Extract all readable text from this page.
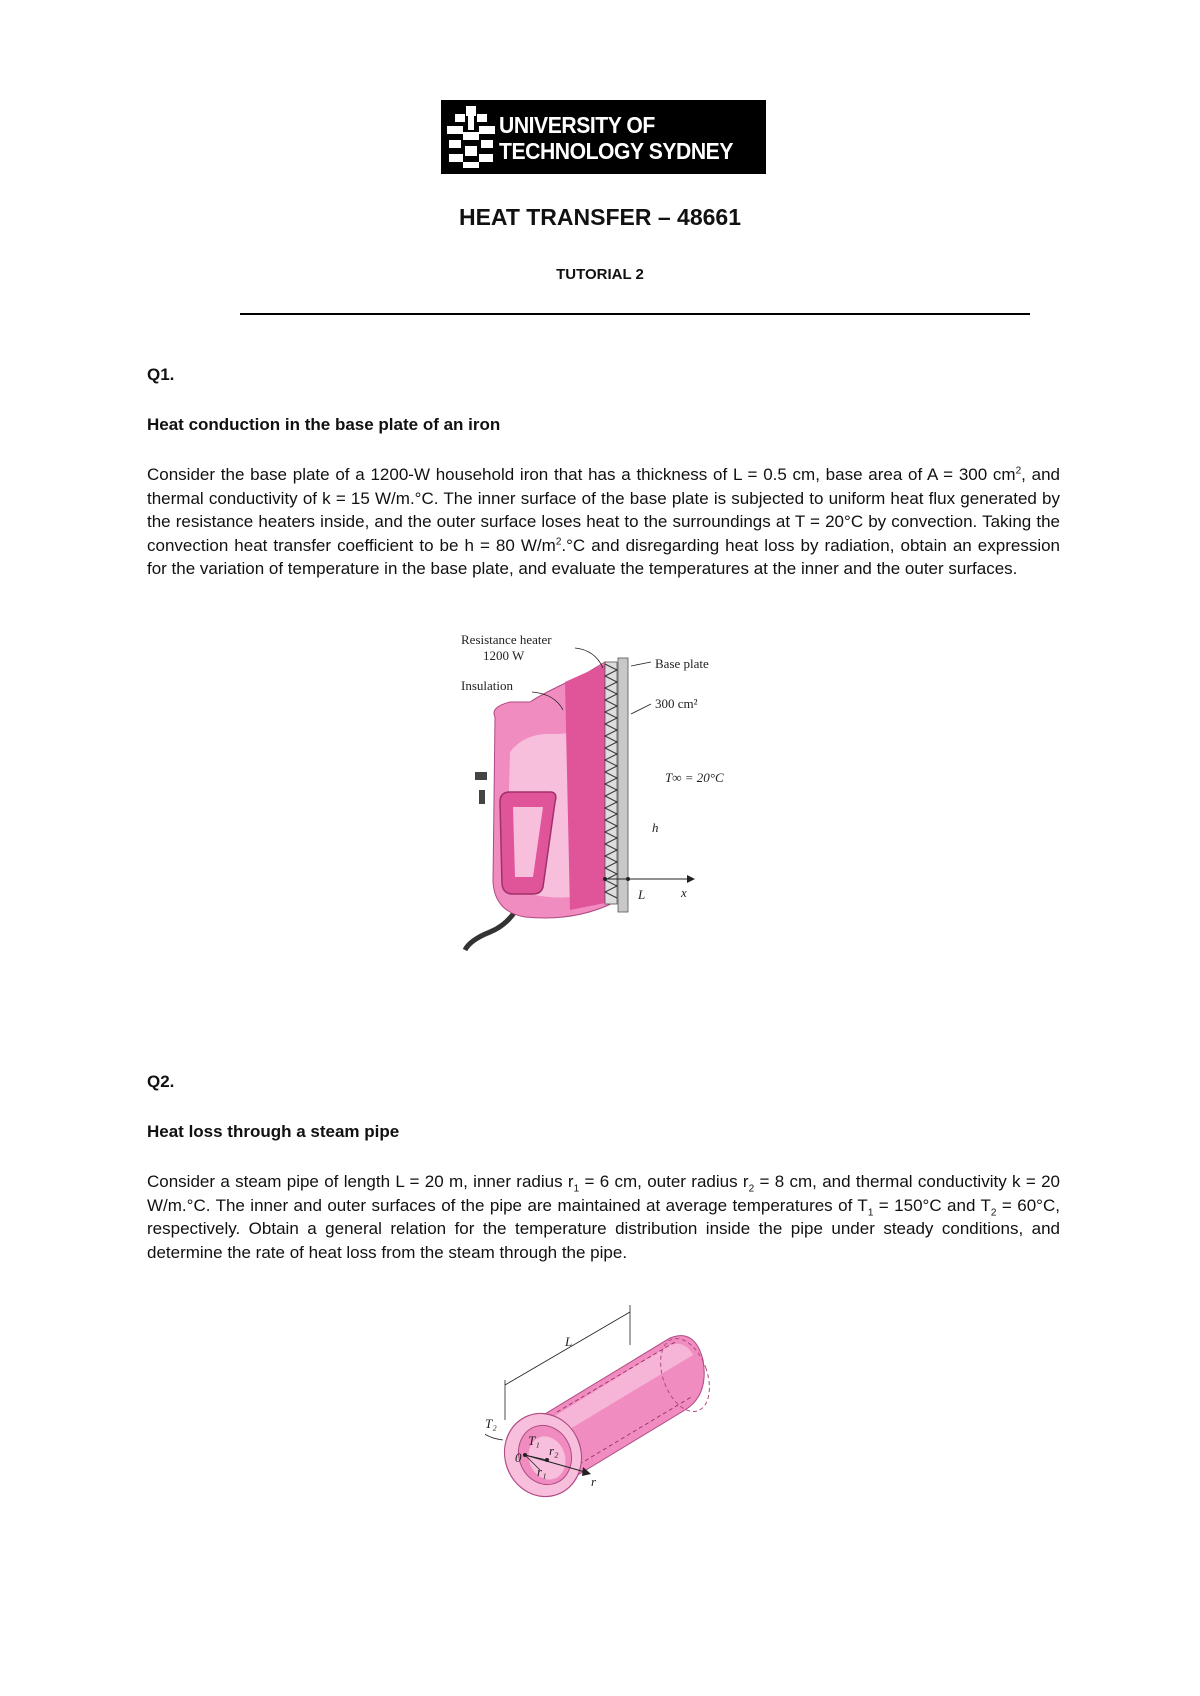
UNIVERSITY OF
TECHNOLOGY SYDNEY
HEAT TRANSFER – 48661
TUTORIAL 2
Q1.
Heat conduction in the base plate of an iron
Consider the base plate of a 1200-W household iron that has a thickness of L = 0.5 cm, base area of A = 300 $cm^2$, and thermal conductivity of k = 15 W/m.°C. The inner surface of the base plate is subjected to uniform heat flux generated by the resistance heaters inside, and the outer surface loses heat to the surroundings at T = 20°C by convection. Taking the convection heat transfer coefficient to be h = 80 $W/m^2.^\circ C$ and disregarding heat loss by radiation, obtain an expression for the variation of temperature in the base plate, and evaluate the temperatures at the inner and the outer surfaces.
Resistance heater
1200 W
Insulation
Base plate
300 cm²
T∞ = 20°C
h
L	x
Q2.
Heat loss through a steam pipe
Consider a steam pipe of length L = 20 m, inner radius $r_1 = 6$ cm, outer radius $r_2 = 8$ cm, and thermal conductivity k = 20 W/m.°C. The inner and outer surfaces of the pipe are maintained at average temperatures of $T_1 = 150^\circ C$ and $T_2 = 60^\circ C$, respectively. Obtain a general relation for the temperature distribution inside the pipe under steady conditions, and determine the rate of heat loss from the steam through the pipe.
L
T₂
T₁
0
r₁
r₂
r
